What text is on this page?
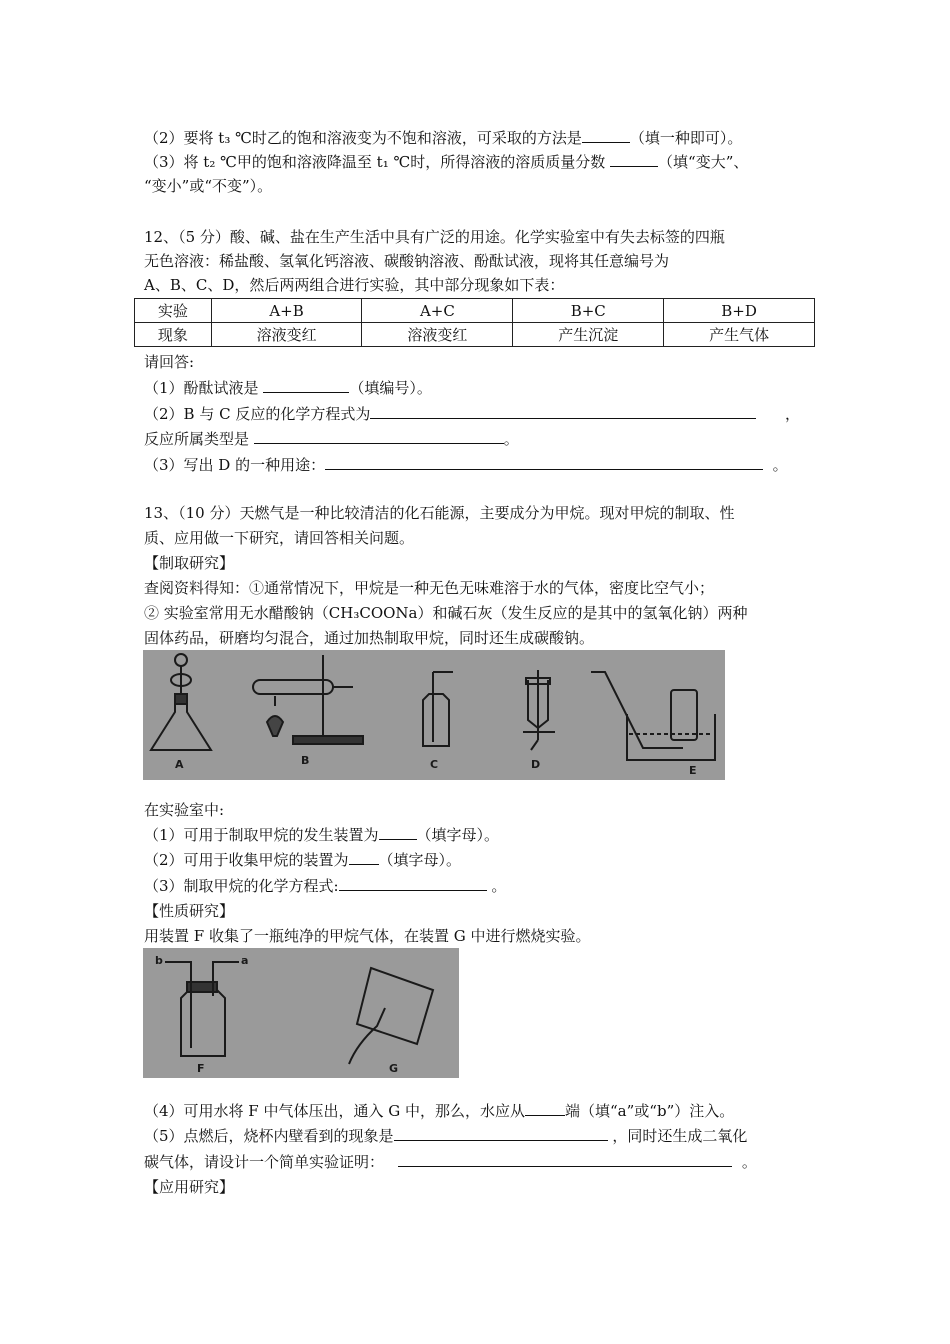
（2）要将 t₃ ℃时乙的饱和溶液变为不饱和溶液，可采取的方法是	（填一种即可）。
（3）将 t₂ ℃甲的饱和溶液降温至 t₁ ℃时，所得溶液的溶质质量分数	（填“变大”、
“变小”或“不变”）。
12、（5 分）酸、碱、盐在生产生活中具有广泛的用途。化学实验室中有失去标签的四瓶
无色溶液：稀盐酸、氢氧化钙溶液、碳酸钠溶液、酚酞试液，现将其任意编号为
A、B、C、D，然后两两组合进行实验，其中部分现象如下表：
实验	A+B	A+C	B+C	B+D
现象	溶液变红	溶液变红	产生沉淀	产生气体
请回答:
（1）酚酞试液是	（填编号）。
（2）B 与 C 反应的化学方程式为	，
反应所属类型是	。
（3）写出 D 的一种用途：	。
13、（10 分）天燃气是一种比较清洁的化石能源，主要成分为甲烷。现对甲烷的制取、性
质、应用做一下研究，请回答相关问题。
【制取研究】
查阅资料得知：①通常情况下，甲烷是一种无色无味难溶于水的气体，密度比空气小；
② 实验室常用无水醋酸钠（CH₃COONa）和碱石灰（发生反应的是其中的氢氧化钠）两种
固体药品，研磨均匀混合，通过加热制取甲烷，同时还生成碳酸钠。
A	B	C	D	E
在实验室中:
（1）可用于制取甲烷的发生装置为	（填字母）。
（2）可用于收集甲烷的装置为 （填字母）。
（3）制取甲烷的化学方程式:	。
【性质研究】
用装置 F 收集了一瓶纯净的甲烷气体，在装置 G 中进行燃烧实验。
b	a
F	G
（4）可用水将 F 中气体压出，通入 G 中，那么，水应从	端（填“a”或“b”）注入。
（5）点燃后，烧杯内壁看到的现象是	，同时还生成二氧化
碳气体，请设计一个简单实验证明：	。
【应用研究】
